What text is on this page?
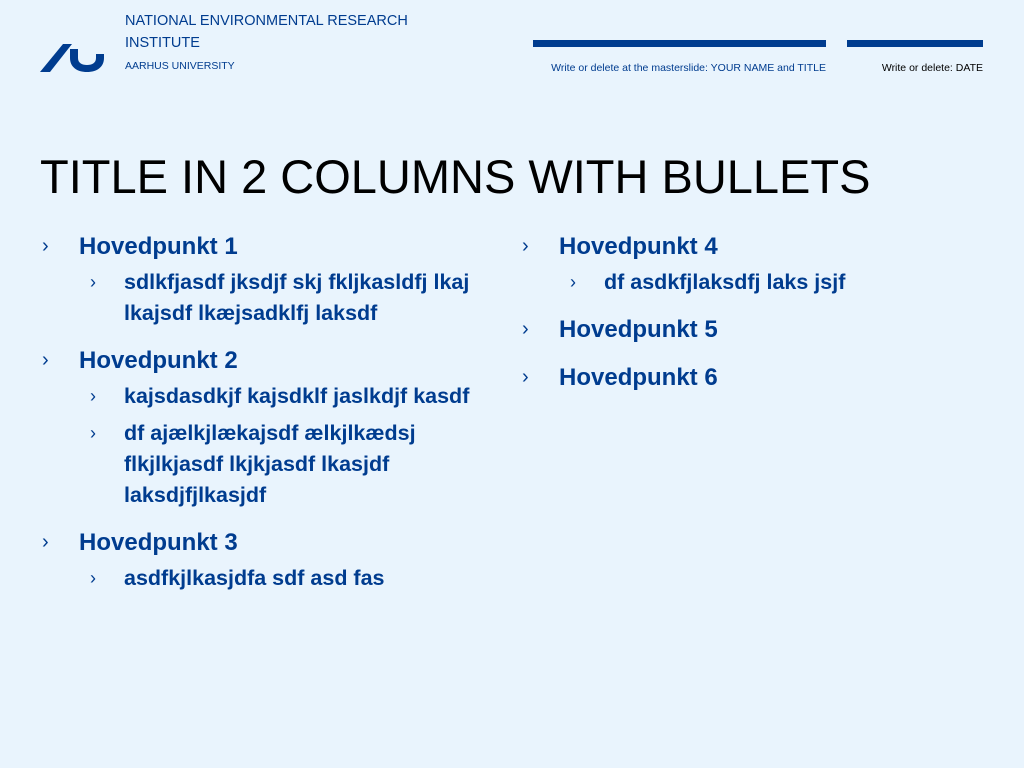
NATIONAL ENVIRONMENTAL RESEARCH INSTITUTE

AARHUS UNIVERSITY	Write or delete at the masterslide: YOUR NAME and TITLE	Write or delete: DATE
TITLE IN 2 COLUMNS WITH BULLETS
› Hovedpunkt 1
› sdlkfjasdf jksdjf skj fkljkasldfj lkaj lkajsdf lkæjsadklfj laksdf
› Hovedpunkt 2
› kajsdasdkjf kajsdklf jaslkdjf kasdf
› df ajælkjlækajsdf ælkjlkædsj flkjlkjasdf lkjkjasdf lkasjdf laksdjfjlkasjdf
› Hovedpunkt 3
› asdfkjlkasjdfa sdf asd fas
› Hovedpunkt 4
› df asdkfjlaksdfj laks jsjf
› Hovedpunkt 5
› Hovedpunkt 6
